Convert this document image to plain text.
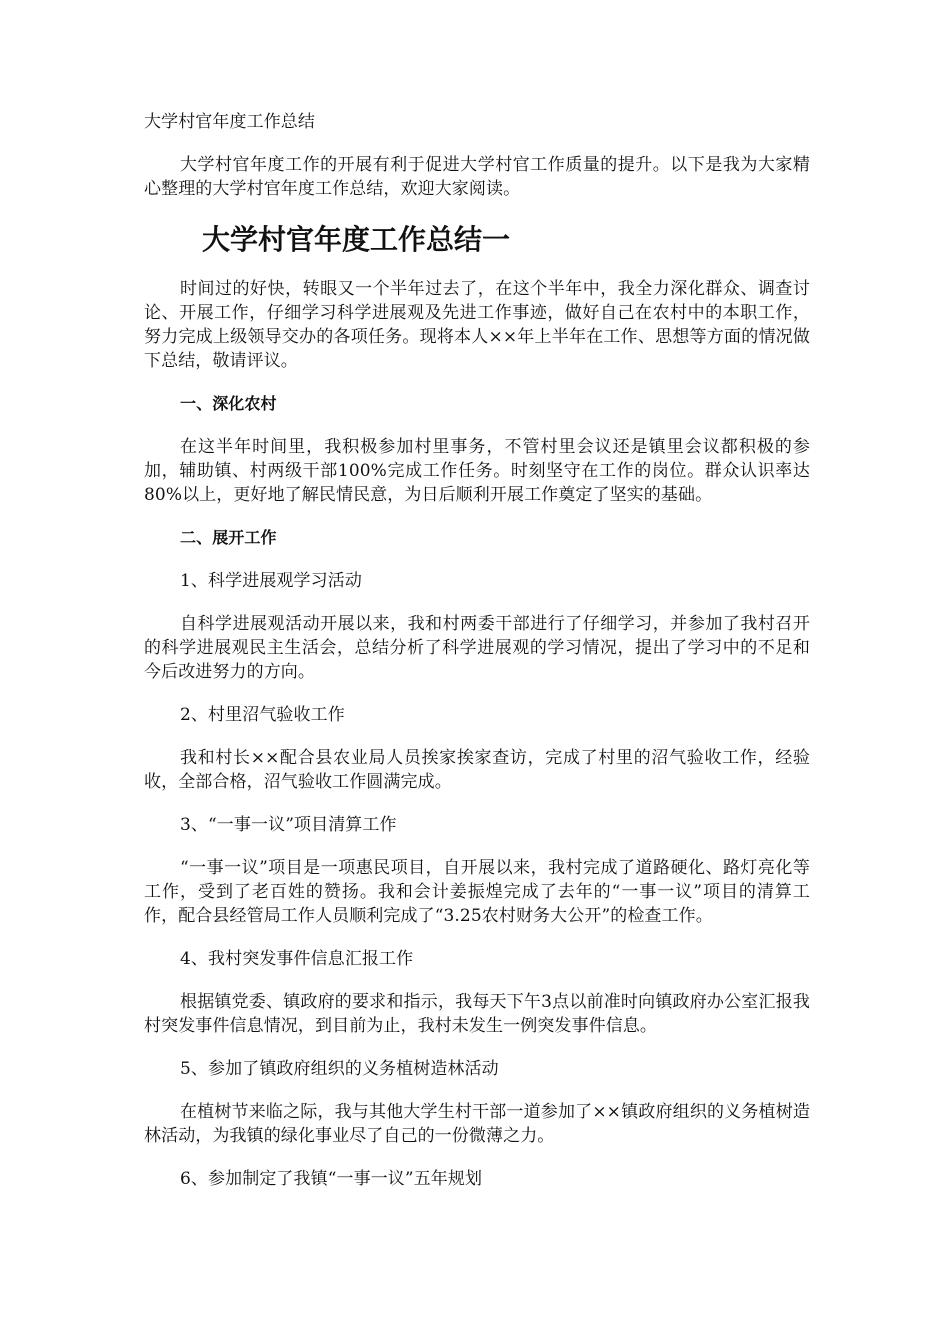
大学村官年度工作总结

大学村官年度工作的开展有利于促进大学村官工作质量的提升。以下是我为大家精心整理的大学村官年度工作总结，欢迎大家阅读。

大学村官年度工作总结一

时间过的好快，转眼又一个半年过去了，在这个半年中，我全力深化群众、调查讨论、开展工作，仔细学习科学进展观及先进工作事迹，做好自己在农村中的本职工作，努力完成上级领导交办的各项任务。现将本人××年上半年在工作、思想等方面的情况做下总结，敬请评议。

一、深化农村

在这半年时间里，我积极参加村里事务，不管村里会议还是镇里会议都积极的参加，辅助镇、村两级干部100%完成工作任务。时刻坚守在工作的岗位。群众认识率达80%以上，更好地了解民情民意，为日后顺利开展工作奠定了坚实的基础。

二、展开工作

1、科学进展观学习活动

自科学进展观活动开展以来，我和村两委干部进行了仔细学习，并参加了我村召开的科学进展观民主生活会，总结分析了科学进展观的学习情况，提出了学习中的不足和今后改进努力的方向。

2、村里沼气验收工作

我和村长××配合县农业局人员挨家挨家查访，完成了村里的沼气验收工作，经验收，全部合格，沼气验收工作圆满完成。

3、“一事一议”项目清算工作

“一事一议”项目是一项惠民项目，自开展以来，我村完成了道路硬化、路灯亮化等工作，受到了老百姓的赞扬。我和会计姜振煌完成了去年的“一事一议”项目的清算工作，配合县经管局工作人员顺利完成了“3.25农村财务大公开”的检查工作。

4、我村突发事件信息汇报工作

根据镇党委、镇政府的要求和指示，我每天下午3点以前准时向镇政府办公室汇报我村突发事件信息情况，到目前为止，我村未发生一例突发事件信息。

5、参加了镇政府组织的义务植树造林活动

在植树节来临之际，我与其他大学生村干部一道参加了××镇政府组织的义务植树造林活动，为我镇的绿化事业尽了自己的一份微薄之力。

6、参加制定了我镇“一事一议”五年规划
